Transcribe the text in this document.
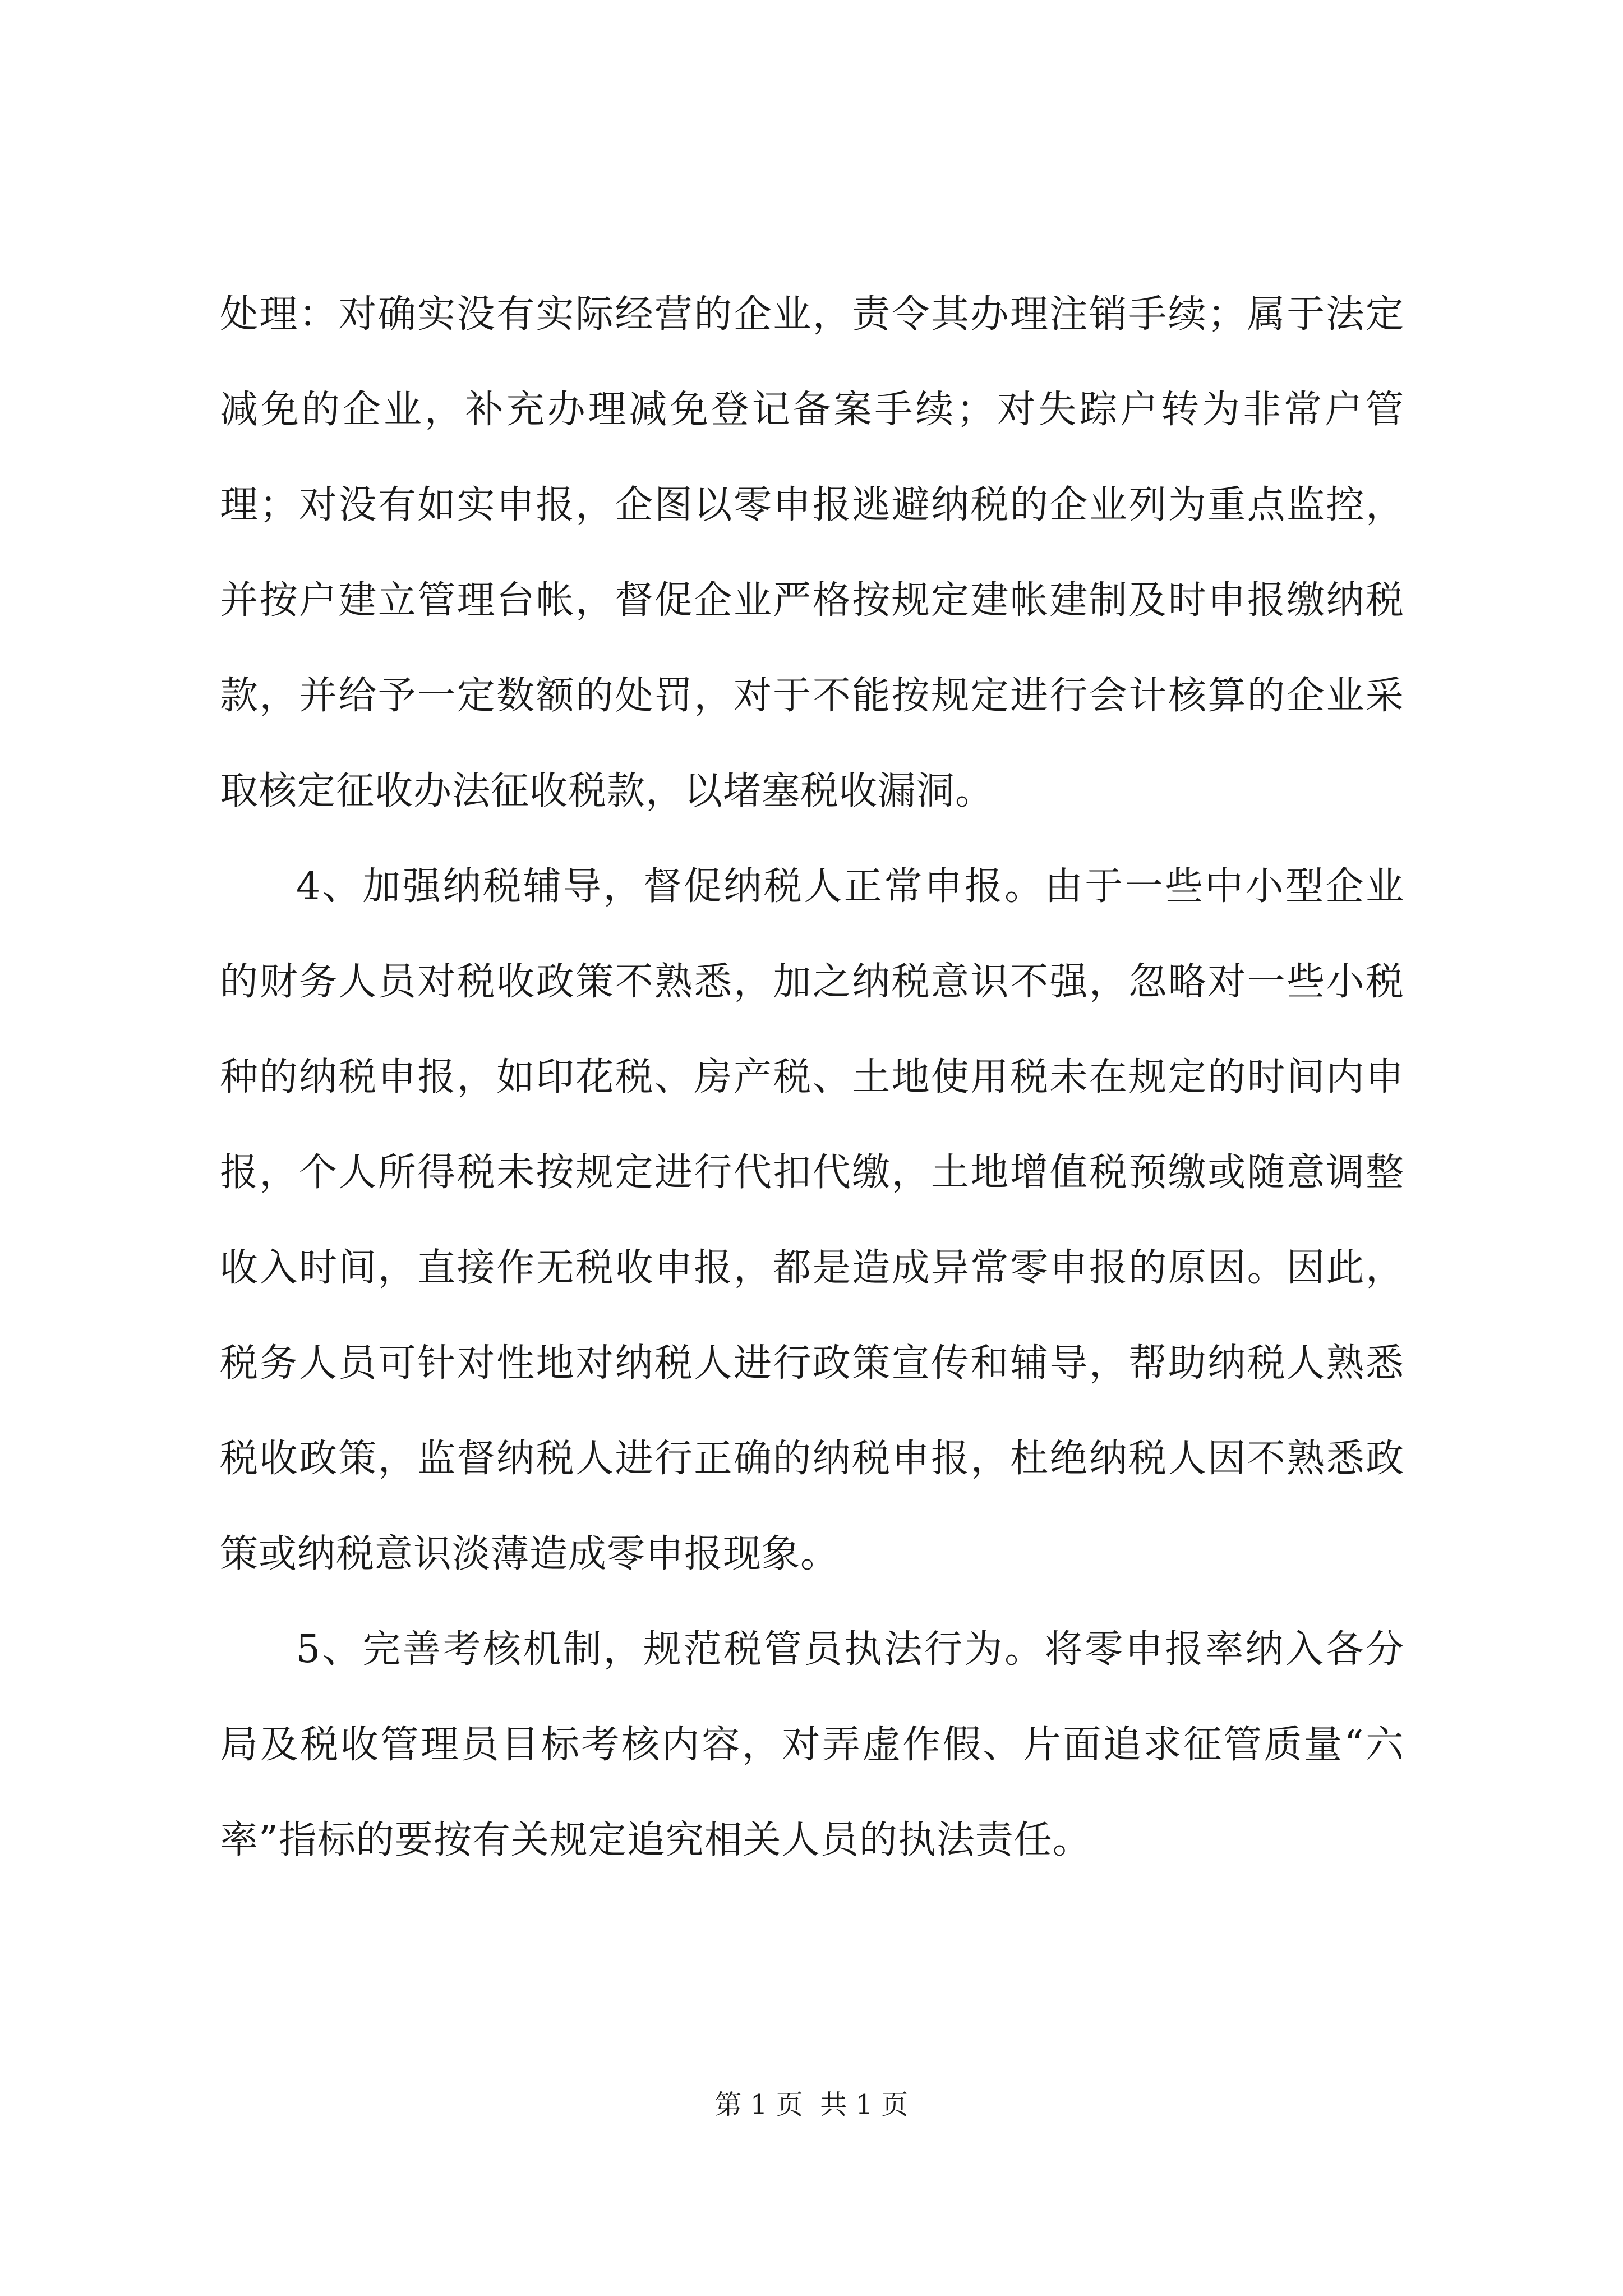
处理：对确实没有实际经营的企业，责令其办理注销手续；属于法定减免的企业，补充办理减免登记备案手续；对失踪户转为非常户管理；对没有如实申报，企图以零申报逃避纳税的企业列为重点监控，并按户建立管理台帐，督促企业严格按规定建帐建制及时申报缴纳税款，并给予一定数额的处罚，对于不能按规定进行会计核算的企业采取核定征收办法征收税款，以堵塞税收漏洞。

4、加强纳税辅导，督促纳税人正常申报。由于一些中小型企业的财务人员对税收政策不熟悉，加之纳税意识不强，忽略对一些小税种的纳税申报，如印花税、房产税、土地使用税未在规定的时间内申报，个人所得税未按规定进行代扣代缴，土地增值税预缴或随意调整收入时间，直接作无税收申报，都是造成异常零申报的原因。因此，税务人员可针对性地对纳税人进行政策宣传和辅导，帮助纳税人熟悉税收政策，监督纳税人进行正确的纳税申报，杜绝纳税人因不熟悉政策或纳税意识淡薄造成零申报现象。

5、完善考核机制，规范税管员执法行为。将零申报率纳入各分局及税收管理员目标考核内容，对弄虚作假、片面追求征管质量“六率”指标的要按有关规定追究相关人员的执法责任。

第 1 页  共 1 页
